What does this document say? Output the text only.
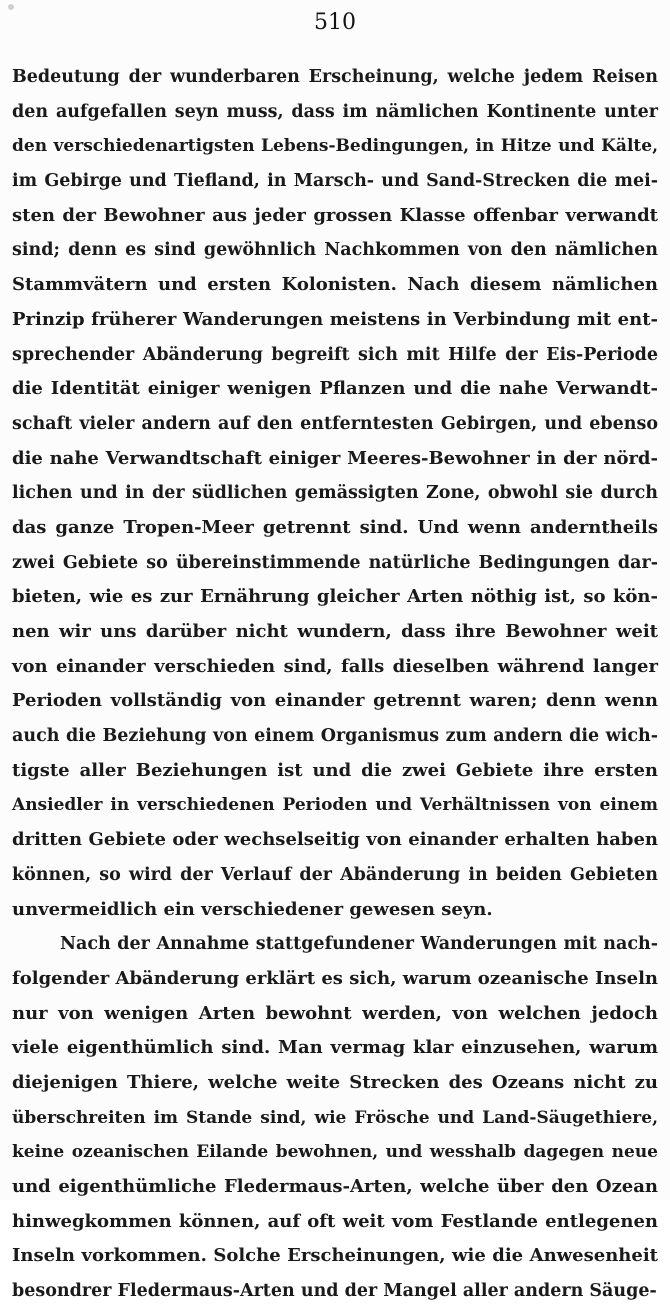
510
Bedeutung der wunderbaren Erscheinung, welche jedem Reisen
den aufgefallen seyn muss, dass im nämlichen Kontinente unter
den verschiedenartigsten Lebens-Bedingungen, in Hitze und Kälte,
im Gebirge und Tiefland, in Marsch- und Sand-Strecken die mei-
sten der Bewohner aus jeder grossen Klasse offenbar verwandt
sind; denn es sind gewöhnlich Nachkommen von den nämlichen
Stammvätern und ersten Kolonisten. Nach diesem nämlichen
Prinzip früherer Wanderungen meistens in Verbindung mit ent-
sprechender Abänderung begreift sich mit Hilfe der Eis-Periode
die Identität einiger wenigen Pflanzen und die nahe Verwandt-
schaft vieler andern auf den entferntesten Gebirgen, und ebenso
die nahe Verwandtschaft einiger Meeres-Bewohner in der nörd-
lichen und in der südlichen gemässigten Zone, obwohl sie durch
das ganze Tropen-Meer getrennt sind. Und wenn anderntheils
zwei Gebiete so übereinstimmende natürliche Bedingungen dar-
bieten, wie es zur Ernährung gleicher Arten nöthig ist, so kön-
nen wir uns darüber nicht wundern, dass ihre Bewohner weit
von einander verschieden sind, falls dieselben während langer
Perioden vollständig von einander getrennt waren; denn wenn
auch die Beziehung von einem Organismus zum andern die wich-
tigste aller Beziehungen ist und die zwei Gebiete ihre ersten
Ansiedler in verschiedenen Perioden und Verhältnissen von einem
dritten Gebiete oder wechselseitig von einander erhalten haben
können, so wird der Verlauf der Abänderung in beiden Gebieten
unvermeidlich ein verschiedener gewesen seyn.
Nach der Annahme stattgefundener Wanderungen mit nach-
folgender Abänderung erklärt es sich, warum ozeanische Inseln
nur von wenigen Arten bewohnt werden, von welchen jedoch
viele eigenthümlich sind. Man vermag klar einzusehen, warum
diejenigen Thiere, welche weite Strecken des Ozeans nicht zu
überschreiten im Stande sind, wie Frösche und Land-Säugethiere,
keine ozeanischen Eilande bewohnen, und wesshalb dagegen neue
und eigenthümliche Fledermaus-Arten, welche über den Ozean
hinwegkommen können, auf oft weit vom Festlande entlegenen
Inseln vorkommen. Solche Erscheinungen, wie die Anwesenheit
besondrer Fledermaus-Arten und der Mangel aller andern Säuge-
